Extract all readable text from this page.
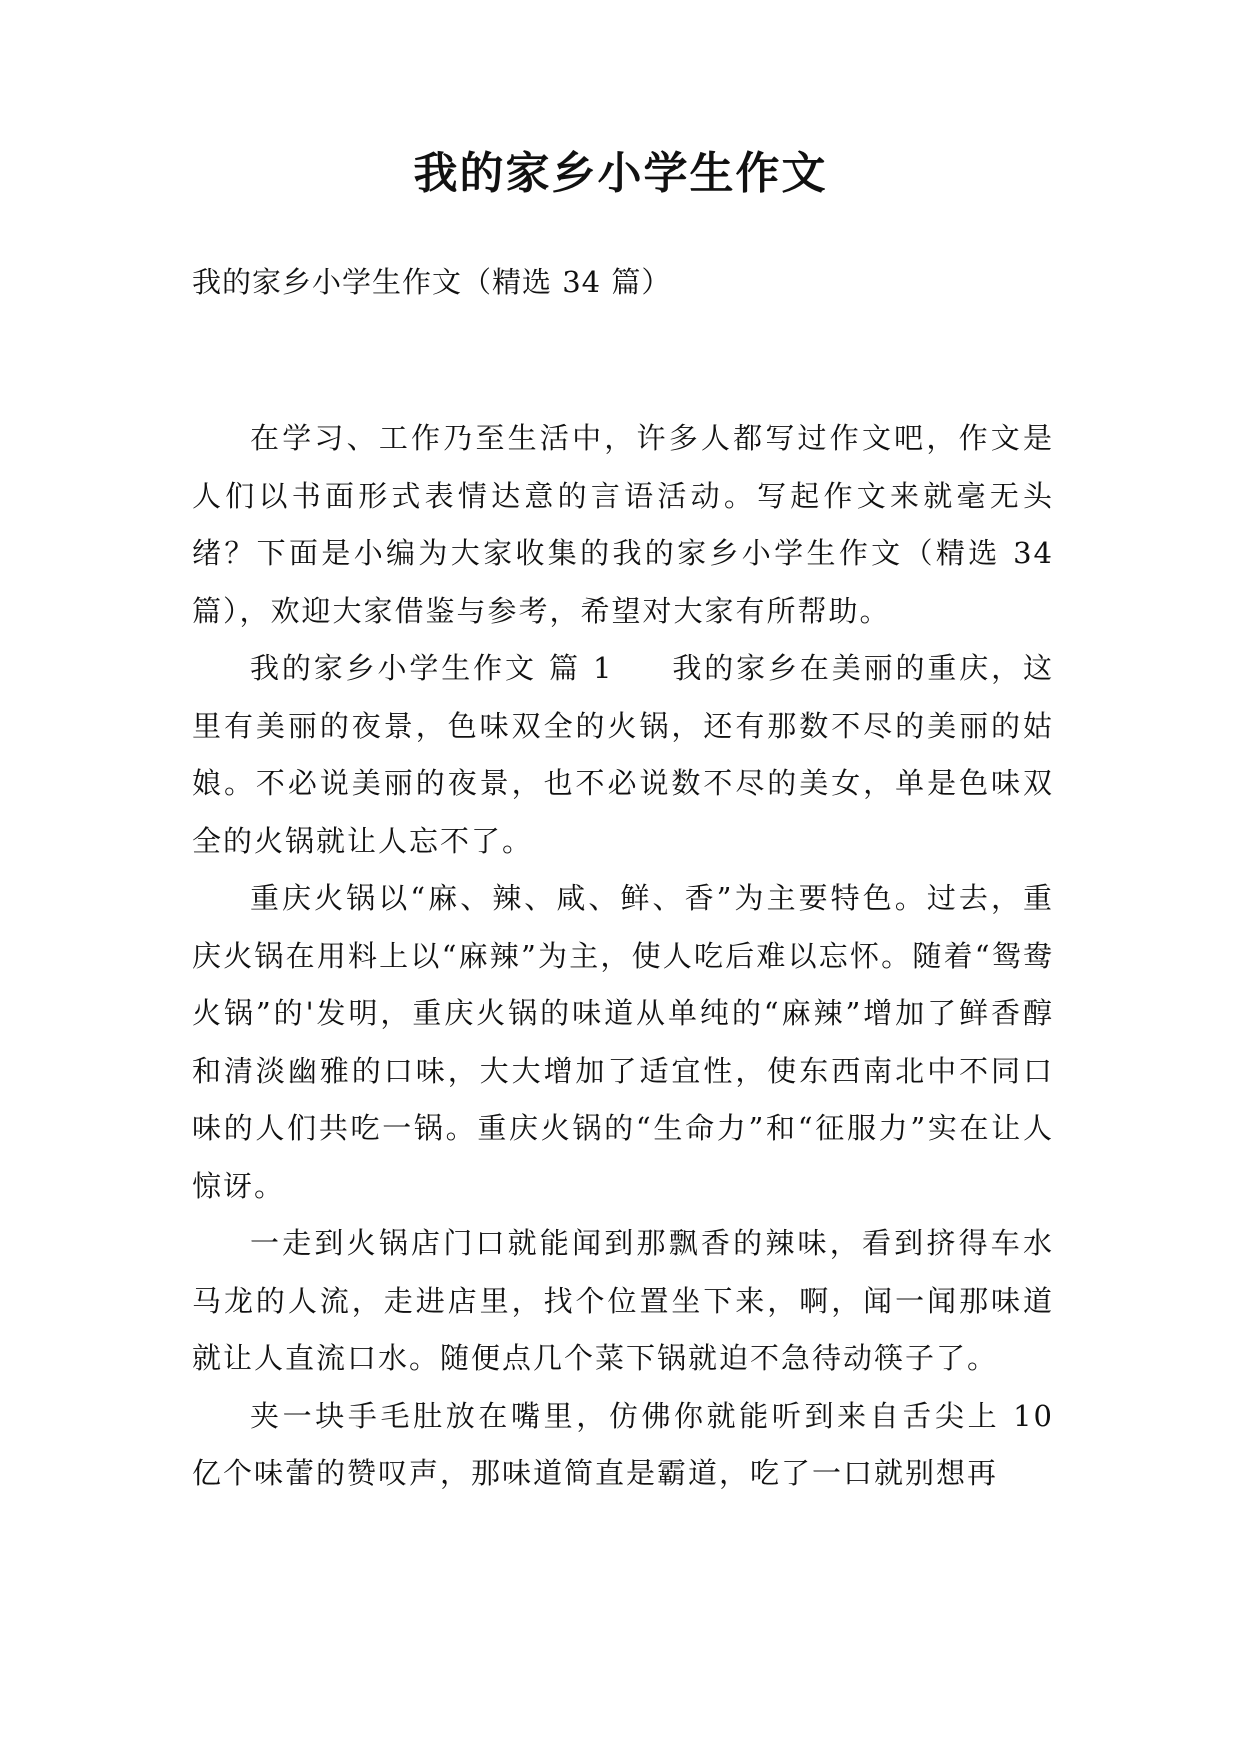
我的家乡小学生作文
我的家乡小学生作文（精选 34 篇）

在学习、工作乃至生活中，许多人都写过作文吧，作文是人们以书面形式表情达意的言语活动。写起作文来就毫无头绪？下面是小编为大家收集的我的家乡小学生作文（精选 34 篇），欢迎大家借鉴与参考，希望对大家有所帮助。

我的家乡小学生作文 篇 1 我的家乡在美丽的重庆，这里有美丽的夜景，色味双全的火锅，还有那数不尽的美丽的姑娘。不必说美丽的夜景，也不必说数不尽的美女，单是色味双全的火锅就让人忘不了。

重庆火锅以“麻、辣、咸、鲜、香”为主要特色。过去，重庆火锅在用料上以“麻辣”为主，使人吃后难以忘怀。随着“鸳鸯火锅”的'发明，重庆火锅的味道从单纯的“麻辣”增加了鲜香醇和清淡幽雅的口味，大大增加了适宜性，使东西南北中不同口味的人们共吃一锅。重庆火锅的“生命力”和“征服力”实在让人惊讶。

一走到火锅店门口就能闻到那飘香的辣味，看到挤得车水马龙的人流，走进店里，找个位置坐下来，啊，闻一闻那味道就让人直流口水。随便点几个菜下锅就迫不急待动筷子了。

夹一块手毛肚放在嘴里，仿佛你就能听到来自舌尖上 10 亿个味蕾的赞叹声，那味道简直是霸道，吃了一口就别想再
